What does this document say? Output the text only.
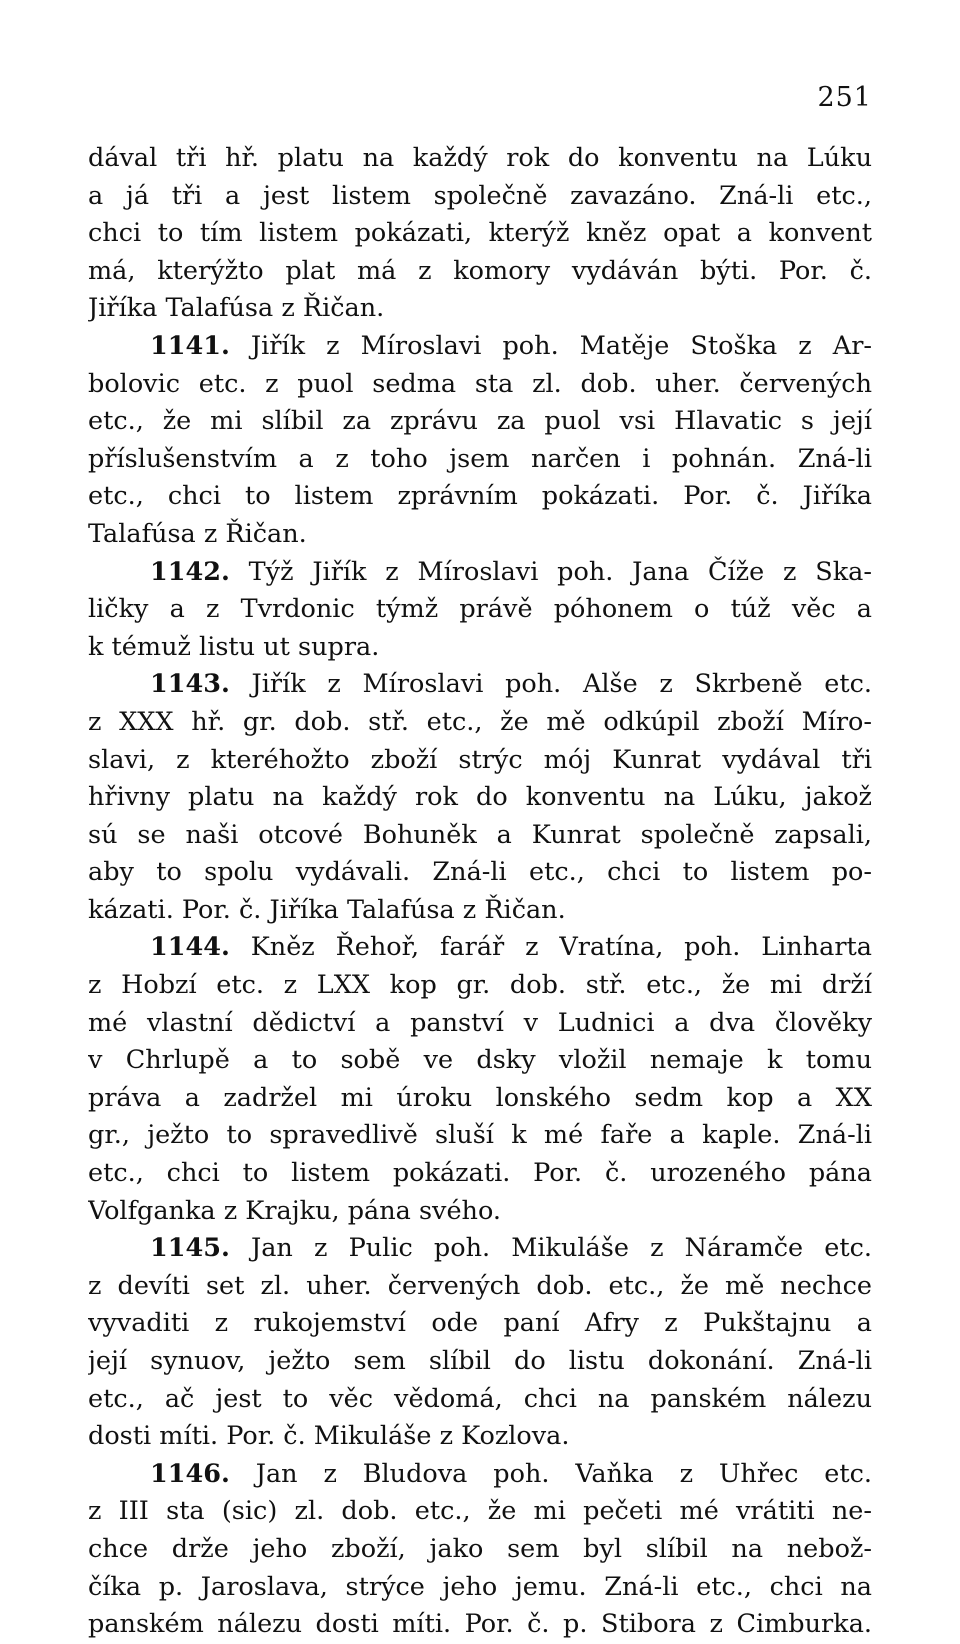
251
dával tři hř. platu na každý rok do konventu na Lúku
a já tři a jest listem společně zavazáno. Zná-li etc.,
chci to tím listem pokázati, kterýž kněz opat a konvent
má, kterýžto plat má z komory vydáván býti. Por. č.
Jiříka Talafúsa z Řičan.
1141. Jiřík z Míroslavi poh. Matěje Stoška z Ar-
bolovic etc. z puol sedma sta zl. dob. uher. červených
etc., že mi slíbil za zprávu za puol vsi Hlavatic s její
příslušenstvím a z toho jsem narčen i pohnán. Zná-li
etc., chci to listem zprávním pokázati. Por. č. Jiříka
Talafúsa z Řičan.
1142. Týž Jiřík z Míroslavi poh. Jana Číže z Ska-
ličky a z Tvrdonic týmž právě póhonem o túž věc a
k témuž listu ut supra.
1143. Jiřík z Míroslavi poh. Alše z Skrbeně etc.
z XXX hř. gr. dob. stř. etc., že mě odkúpil zboží Míro-
slavi, z kteréhožto zboží strýc mój Kunrat vydával tři
hřivny platu na každý rok do konventu na Lúku, jakož
sú se naši otcové Bohuněk a Kunrat společně zapsali,
aby to spolu vydávali. Zná-li etc., chci to listem po-
kázati. Por. č. Jiříka Talafúsa z Řičan.
1144. Kněz Řehoř, farář z Vratína, poh. Linharta
z Hobzí etc. z LXX kop gr. dob. stř. etc., že mi drží
mé vlastní dědictví a panství v Ludnici a dva člověky
v Chrlupě a to sobě ve dsky vložil nemaje k tomu
práva a zadržel mi úroku lonského sedm kop a XX
gr., ježto to spravedlivě sluší k mé faře a kaple. Zná-li
etc., chci to listem pokázati. Por. č. urozeného pána
Volfganka z Krajku, pána svého.
1145. Jan z Pulic poh. Mikuláše z Náramče etc.
z devíti set zl. uher. červených dob. etc., že mě nechce
vyvaditi z rukojemství ode paní Afry z Pukštajnu a
její synuov, ježto sem slíbil do listu dokonání. Zná-li
etc., ač jest to věc vědomá, chci na panském nálezu
dosti míti. Por. č. Mikuláše z Kozlova.
1146. Jan z Bludova poh. Vaňka z Uhřec etc.
z III sta (sic) zl. dob. etc., že mi pečeti mé vrátiti ne-
chce drže jeho zboží, jako sem byl slíbil na nebož-
číka p. Jaroslava, strýce jeho jemu. Zná-li etc., chci na
panském nálezu dosti míti. Por. č. p. Stibora z Cimburka.
